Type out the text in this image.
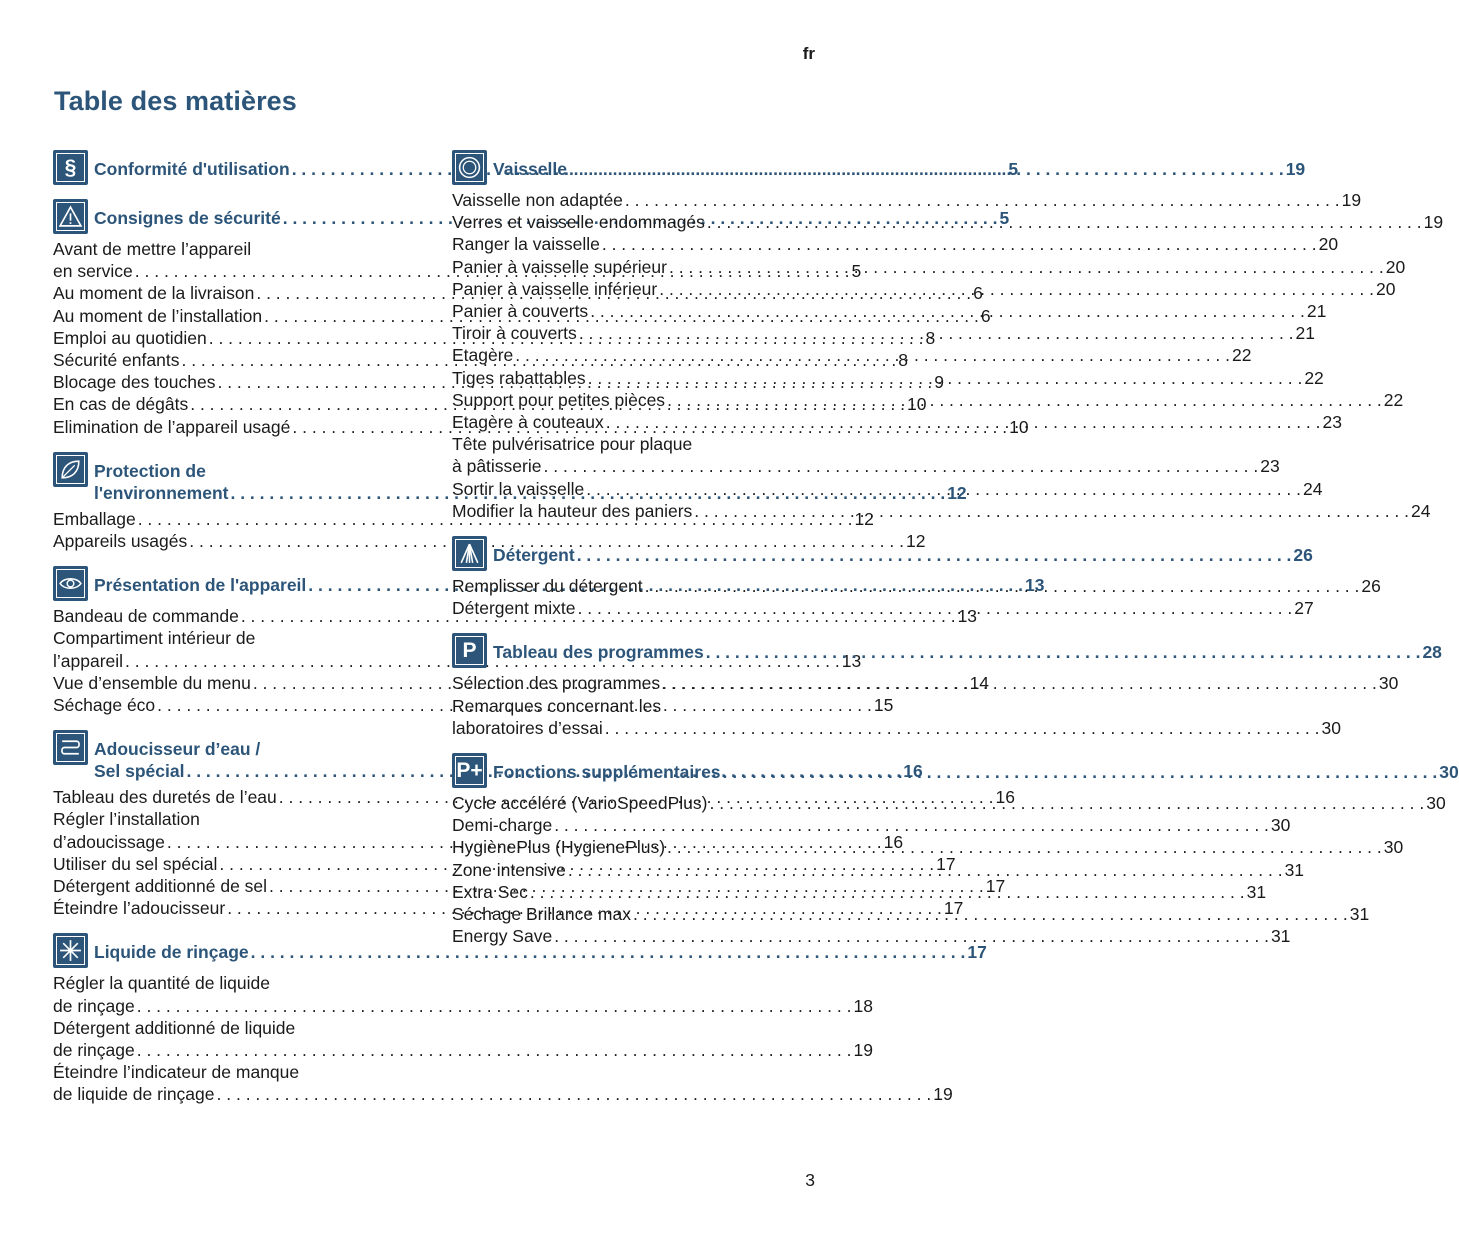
fr
Table des matières
§ Conformité d'utilisation . . .	5
Consignes de sécurité . . .	5
Avant de mettre l’appareil
en service . . .	5
Au moment de la livraison . . .	6
Au moment de l’installation . . .	6
Emploi au quotidien . . .	8
Sécurité enfants . . .	8
Blocage des touches . . .	9
En cas de dégâts . . .	10
Elimination de l’appareil usagé . . .	10
Protection de
l'environnement . . .	12
Emballage . . .	12
Appareils usagés . . .	12
Présentation de l'appareil . . .	13
Bandeau de commande . . .	13
Compartiment intérieur de
l’appareil . . .	13
Vue d’ensemble du menu . . .	14
Séchage éco . . .	15
Adoucisseur d’eau /
Sel spécial . . .	16
Tableau des duretés de l’eau . . .	16
Régler l’installation
d’adoucissage . . .	16
Utiliser du sel spécial . . .	17
Détergent additionné de sel . . .	17
Éteindre l’adoucisseur . . .	17
Liquide de rinçage . . .	17
Régler la quantité de liquide
de rinçage . . .	18
Détergent additionné de liquide
de rinçage . . .	19
Éteindre l’indicateur de manque
de liquide de rinçage . . .	19
Vaisselle . . .	19
Vaisselle non adaptée . . .	19
Verres et vaisselle endommagés . . .	19
Ranger la vaisselle . . .	20
Panier à vaisselle supérieur . . .	20
Panier à vaisselle inférieur . . .	20
Panier à couverts . . .	21
Tiroir à couverts . . .	21
Etagère . . .	22
Tiges rabattables . . .	22
Support pour petites pièces . . .	22
Etagère à couteaux . . .	23
Tête pulvérisatrice pour plaque
à pâtisserie . . .	23
Sortir la vaisselle . . .	24
Modifier la hauteur des paniers . . .	24
Détergent . . .	26
Remplisser du détergent . . .	26
Détergent mixte . . .	27
P Tableau des programmes . . .	28
Sélection des programmes . . .	30
Remarques concernant les
laboratoires d’essai . . .	30
P+ Fonctions supplémentaires . . .	30
Cycle accéléré (VarioSpeedPlus) . . .	30
Demi-charge . . .	30
HygiènePlus (HygienePlus) . . .	30
Zone intensive . . .	31
Extra Sec . . .	31
Séchage Brillance max . . .	31
Energy Save . . .	31
3
